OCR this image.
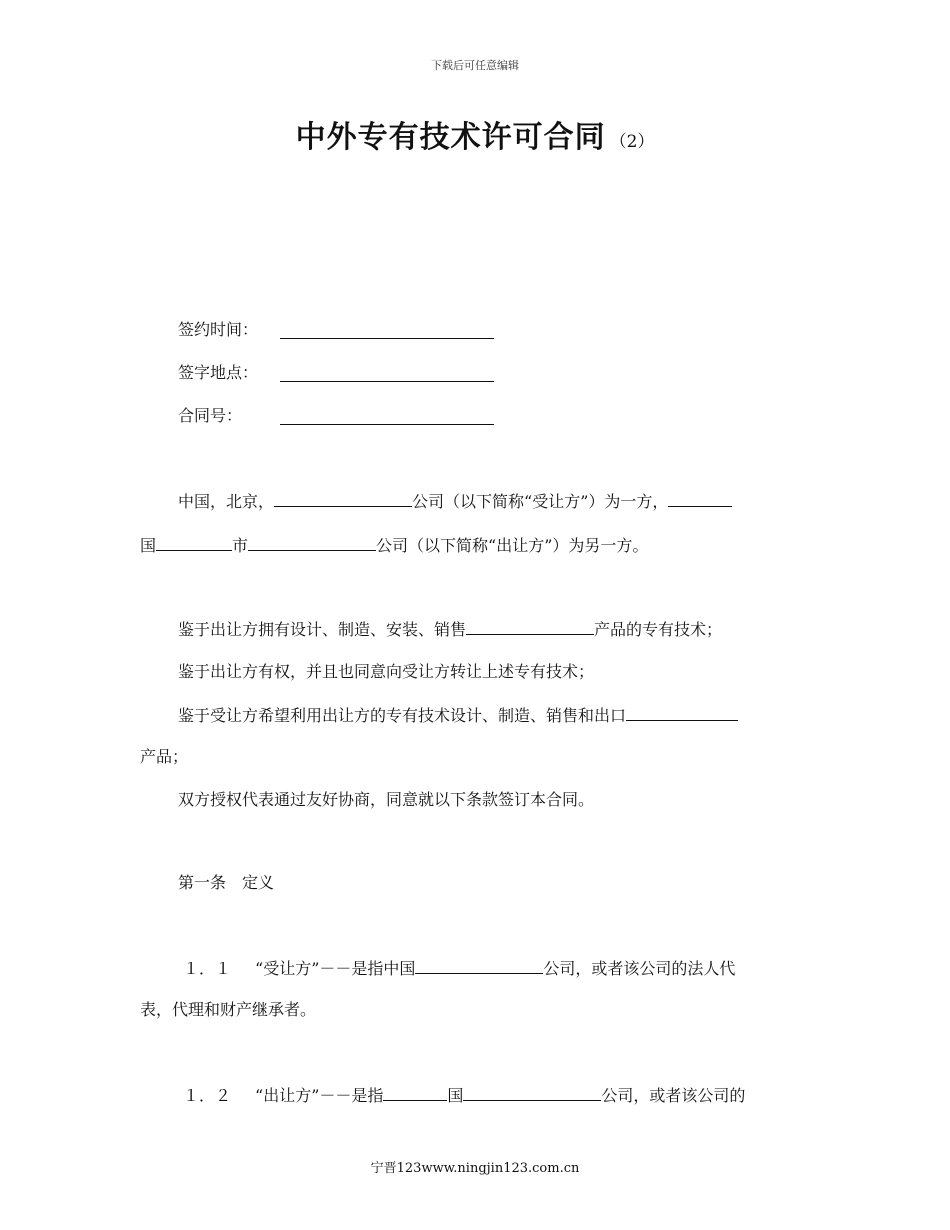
下载后可任意编辑
中外专有技术许可合同 （2）
签约时间：
签字地点：
合同号：
中国，北京，	公司（以下简称“受让方”）为一方，
国	市	公司（以下简称“出让方”）为另一方。
鉴于出让方拥有设计、制造、安装、销售	产品的专有技术；
鉴于出让方有权，并且也同意向受让方转让上述专有技术；
鉴于受让方希望利用出让方的专有技术设计、制造、销售和出口
产品；
双方授权代表通过友好协商，同意就以下条款签订本合同。
第一条　定义
１．１ “受让方”－－是指中国	公司，或者该公司的法人代
表，代理和财产继承者。
１．２ “出让方”－－是指	国	公司，或者该公司的
宁晋123www.ningjin123.com.cn
